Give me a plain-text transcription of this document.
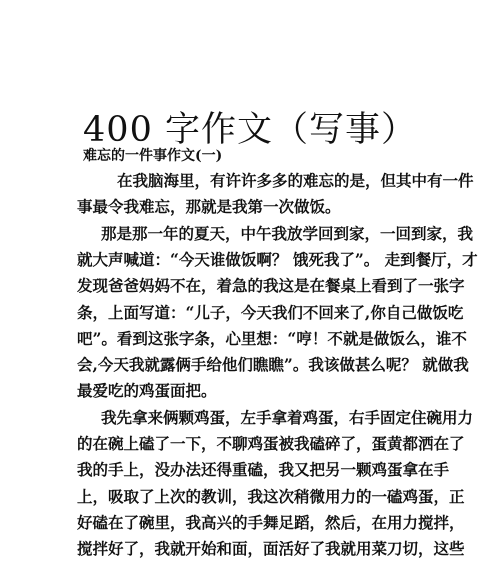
400 字作文（写事）
难忘的一件事作文(一)
在我脑海里，有许许多多的难忘的是，但其中有一件
事最令我难忘，那就是我第一次做饭。
那是那一年的夏天，中午我放学回到家，一回到家，我
就大声喊道：“今天谁做饭啊？ 饿死我了”。 走到餐厅，才
发现爸爸妈妈不在，着急的我这是在餐桌上看到了一张字
条，上面写道：“儿子，今天我们不回来了,你自己做饭吃
吧”。看到这张字条，心里想：“哼！不就是做饭么，谁不
会,今天我就露俩手给他们瞧瞧”。我该做甚么呢？ 就做我
最爱吃的鸡蛋面把。
我先拿来俩颗鸡蛋，左手拿着鸡蛋，右手固定住碗用力
的在碗上磕了一下，不聊鸡蛋被我磕碎了，蛋黄都洒在了
我的手上，没办法还得重磕，我又把另一颗鸡蛋拿在手
上，吸取了上次的教训，我这次稍微用力的一磕鸡蛋，正
好磕在了碗里，我高兴的手舞足蹈，然后，在用力搅拌，
搅拌好了，我就开始和面，面活好了我就用菜刀切，这些
